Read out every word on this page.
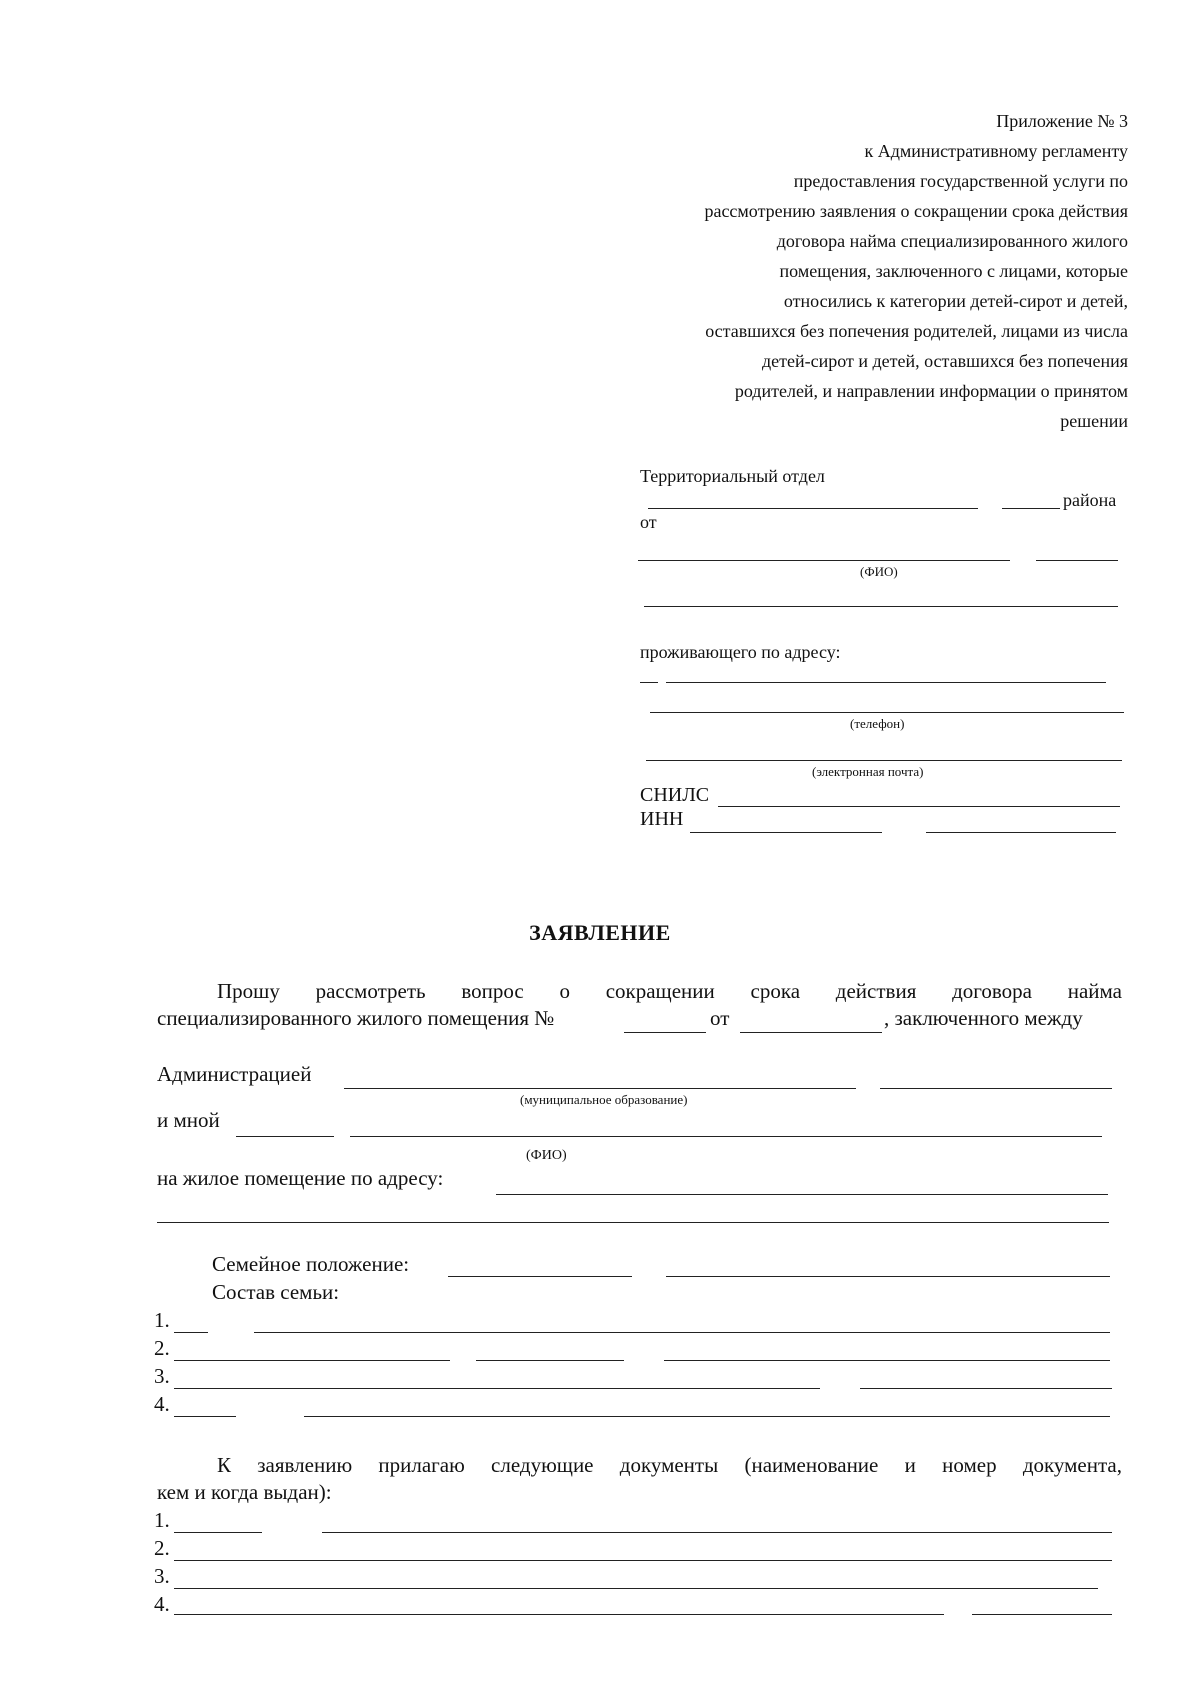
Приложение № 3
к Административному регламенту
предоставления государственной услуги по
рассмотрению заявления о сокращении срока действия
договора найма специализированного жилого
помещения, заключенного с лицами, которые
относились к категории детей-сирот и детей,
оставшихся без попечения родителей, лицами из числа
детей-сирот и детей, оставшихся без попечения
родителей, и направлении информации о принятом
решении
Территориальный отдел
района
от
(ФИО)
проживающего по адресу:
(телефон)
(электронная почта)
СНИЛС
ИНН
ЗАЯВЛЕНИЕ
Прошу рассмотреть вопрос о сокращении срока действия договора найма
специализированного жилого помещения №	от	, заключенного между
Администрацией
(муниципальное образование)
и мной
(ФИО)
на жилое помещение по адресу:
Семейное положение:
Состав семьи:
1.
2.
3.
4.
К заявлению прилагаю следующие документы (наименование и номер документа,
кем и когда выдан):
1.
2.
3.
4.
